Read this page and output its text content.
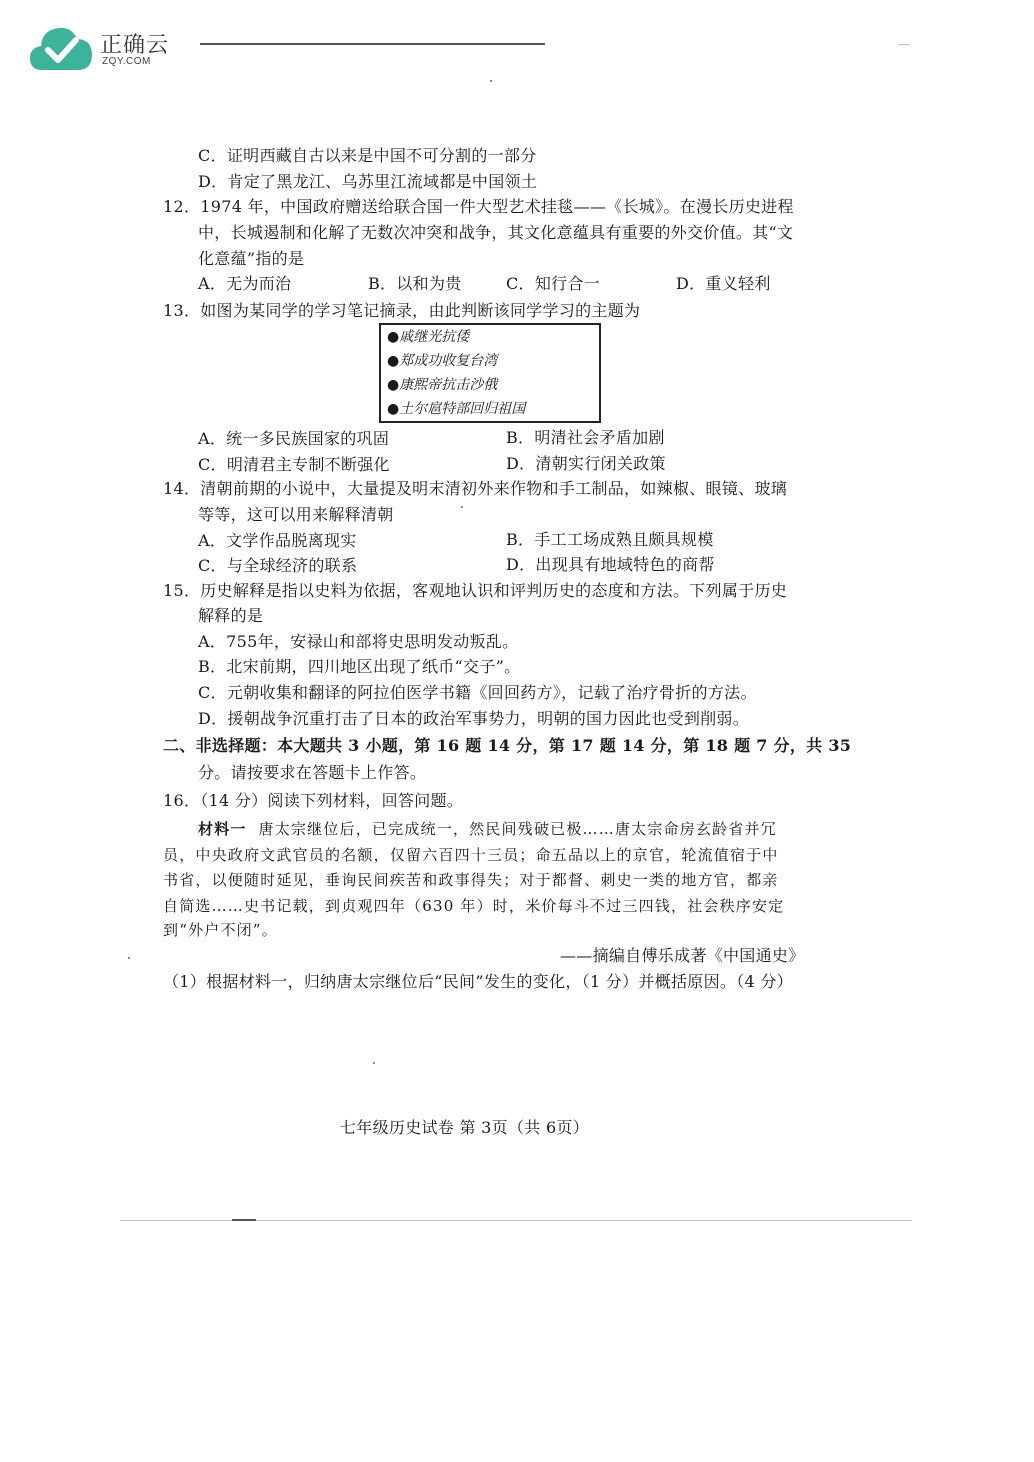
正确云
ZQY.COM
C．证明西藏自古以来是中国不可分割的一部分
D．肯定了黑龙江、乌苏里江流域都是中国领土
12．1974 年，中国政府赠送给联合国一件大型艺术挂毯——《长城》。在漫长历史进程
中，长城遏制和化解了无数次冲突和战争，其文化意蕴具有重要的外交价值。其“文
化意蕴”指的是
A．无为而治	B．以和为贵	C．知行合一	D．重义轻利
13．如图为某同学的学习笔记摘录，由此判断该同学学习的主题为
●戚继光抗倭
●郑成功收复台湾
●康熙帝抗击沙俄
●土尔扈特部回归祖国
A．统一多民族国家的巩固	B．明清社会矛盾加剧
C．明清君主专制不断强化	D．清朝实行闭关政策
14．清朝前期的小说中，大量提及明末清初外来作物和手工制品，如辣椒、眼镜、玻璃
等等，这可以用来解释清朝
A．文学作品脱离现实	B．手工工场成熟且颇具规模
C．与全球经济的联系	D．出现具有地域特色的商帮
15．历史解释是指以史料为依据，客观地认识和评判历史的态度和方法。下列属于历史
解释的是
A．755年，安禄山和部将史思明发动叛乱。
B．北宋前期，四川地区出现了纸币“交子”。
C．元朝收集和翻译的阿拉伯医学书籍《回回药方》，记载了治疗骨折的方法。
D．援朝战争沉重打击了日本的政治军事势力，明朝的国力因此也受到削弱。
二、非选择题：本大题共 3 小题，第 16 题 14 分，第 17 题 14 分，第 18 题 7 分，共 35
分。请按要求在答题卡上作答。
16．（14 分）阅读下列材料，回答问题。
材料一 唐太宗继位后，已完成统一，然民间残破已极……唐太宗命房玄龄省并冗
员，中央政府文武官员的名额，仅留六百四十三员；命五品以上的京官，轮流值宿于中
书省，以便随时延见，垂询民间疾苦和政事得失；对于都督、刺史一类的地方官，都亲
自简选……史书记载，到贞观四年（630 年）时，米价每斗不过三四钱，社会秩序安定
到“外户不闭”。
——摘编自傅乐成著《中国通史》
（1）根据材料一，归纳唐太宗继位后“民间”发生的变化，（1 分）并概括原因。（4 分）
七年级历史试卷 第 3页（共 6页）
